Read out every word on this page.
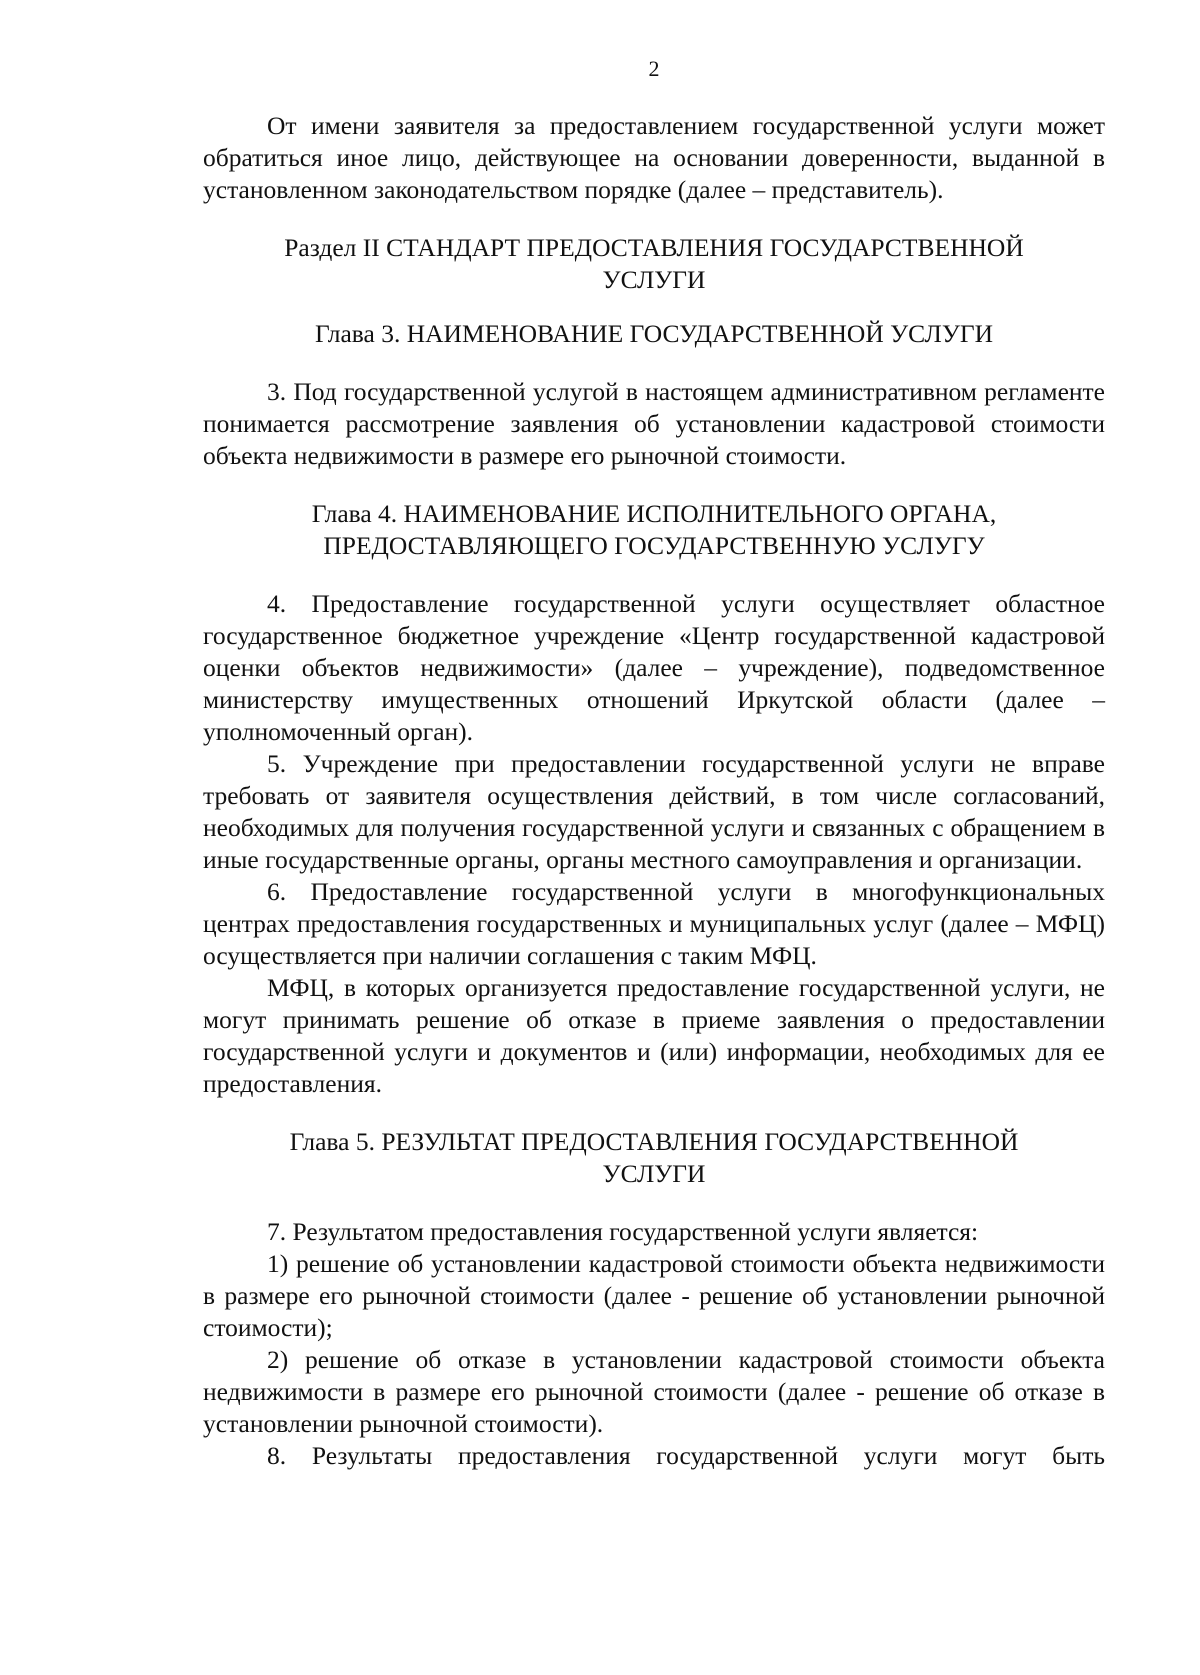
2

От имени заявителя за предоставлением государственной услуги может обратиться иное лицо, действующее на основании доверенности, выданной в установленном законодательством порядке (далее – представитель).

Раздел II СТАНДАРТ ПРЕДОСТАВЛЕНИЯ ГОСУДАРСТВЕННОЙ
УСЛУГИ
Глава 3. НАИМЕНОВАНИЕ ГОСУДАРСТВЕННОЙ УСЛУГИ

3. Под государственной услугой в настоящем административном регламенте понимается рассмотрение заявления об установлении кадастровой стоимости объекта недвижимости в размере его рыночной стоимости.

Глава 4. НАИМЕНОВАНИЕ ИСПОЛНИТЕЛЬНОГО ОРГАНА,
ПРЕДОСТАВЛЯЮЩЕГО ГОСУДАРСТВЕННУЮ УСЛУГУ

4. Предоставление государственной услуги осуществляет областное государственное бюджетное учреждение «Центр государственной кадастровой оценки объектов недвижимости» (далее – учреждение), подведомственное министерству имущественных отношений Иркутской области (далее – уполномоченный орган).

5. Учреждение при предоставлении государственной услуги не вправе требовать от заявителя осуществления действий, в том числе согласований, необходимых для получения государственной услуги и связанных с обращением в иные государственные органы, органы местного самоуправления и организации.

6. Предоставление государственной услуги в многофункциональных центрах предоставления государственных и муниципальных услуг (далее – МФЦ) осуществляется при наличии соглашения с таким МФЦ.

МФЦ, в которых организуется предоставление государственной услуги, не могут принимать решение об отказе в приеме заявления о предоставлении государственной услуги и документов и (или) информации, необходимых для ее предоставления.

Глава 5. РЕЗУЛЬТАТ ПРЕДОСТАВЛЕНИЯ ГОСУДАРСТВЕННОЙ
УСЛУГИ

7. Результатом предоставления государственной услуги является:

1) решение об установлении кадастровой стоимости объекта недвижимости в размере его рыночной стоимости (далее - решение об установлении рыночной стоимости);

2) решение об отказе в установлении кадастровой стоимости объекта недвижимости в размере его рыночной стоимости (далее - решение об отказе в установлении рыночной стоимости).

8. Результаты предоставления государственной услуги могут быть
